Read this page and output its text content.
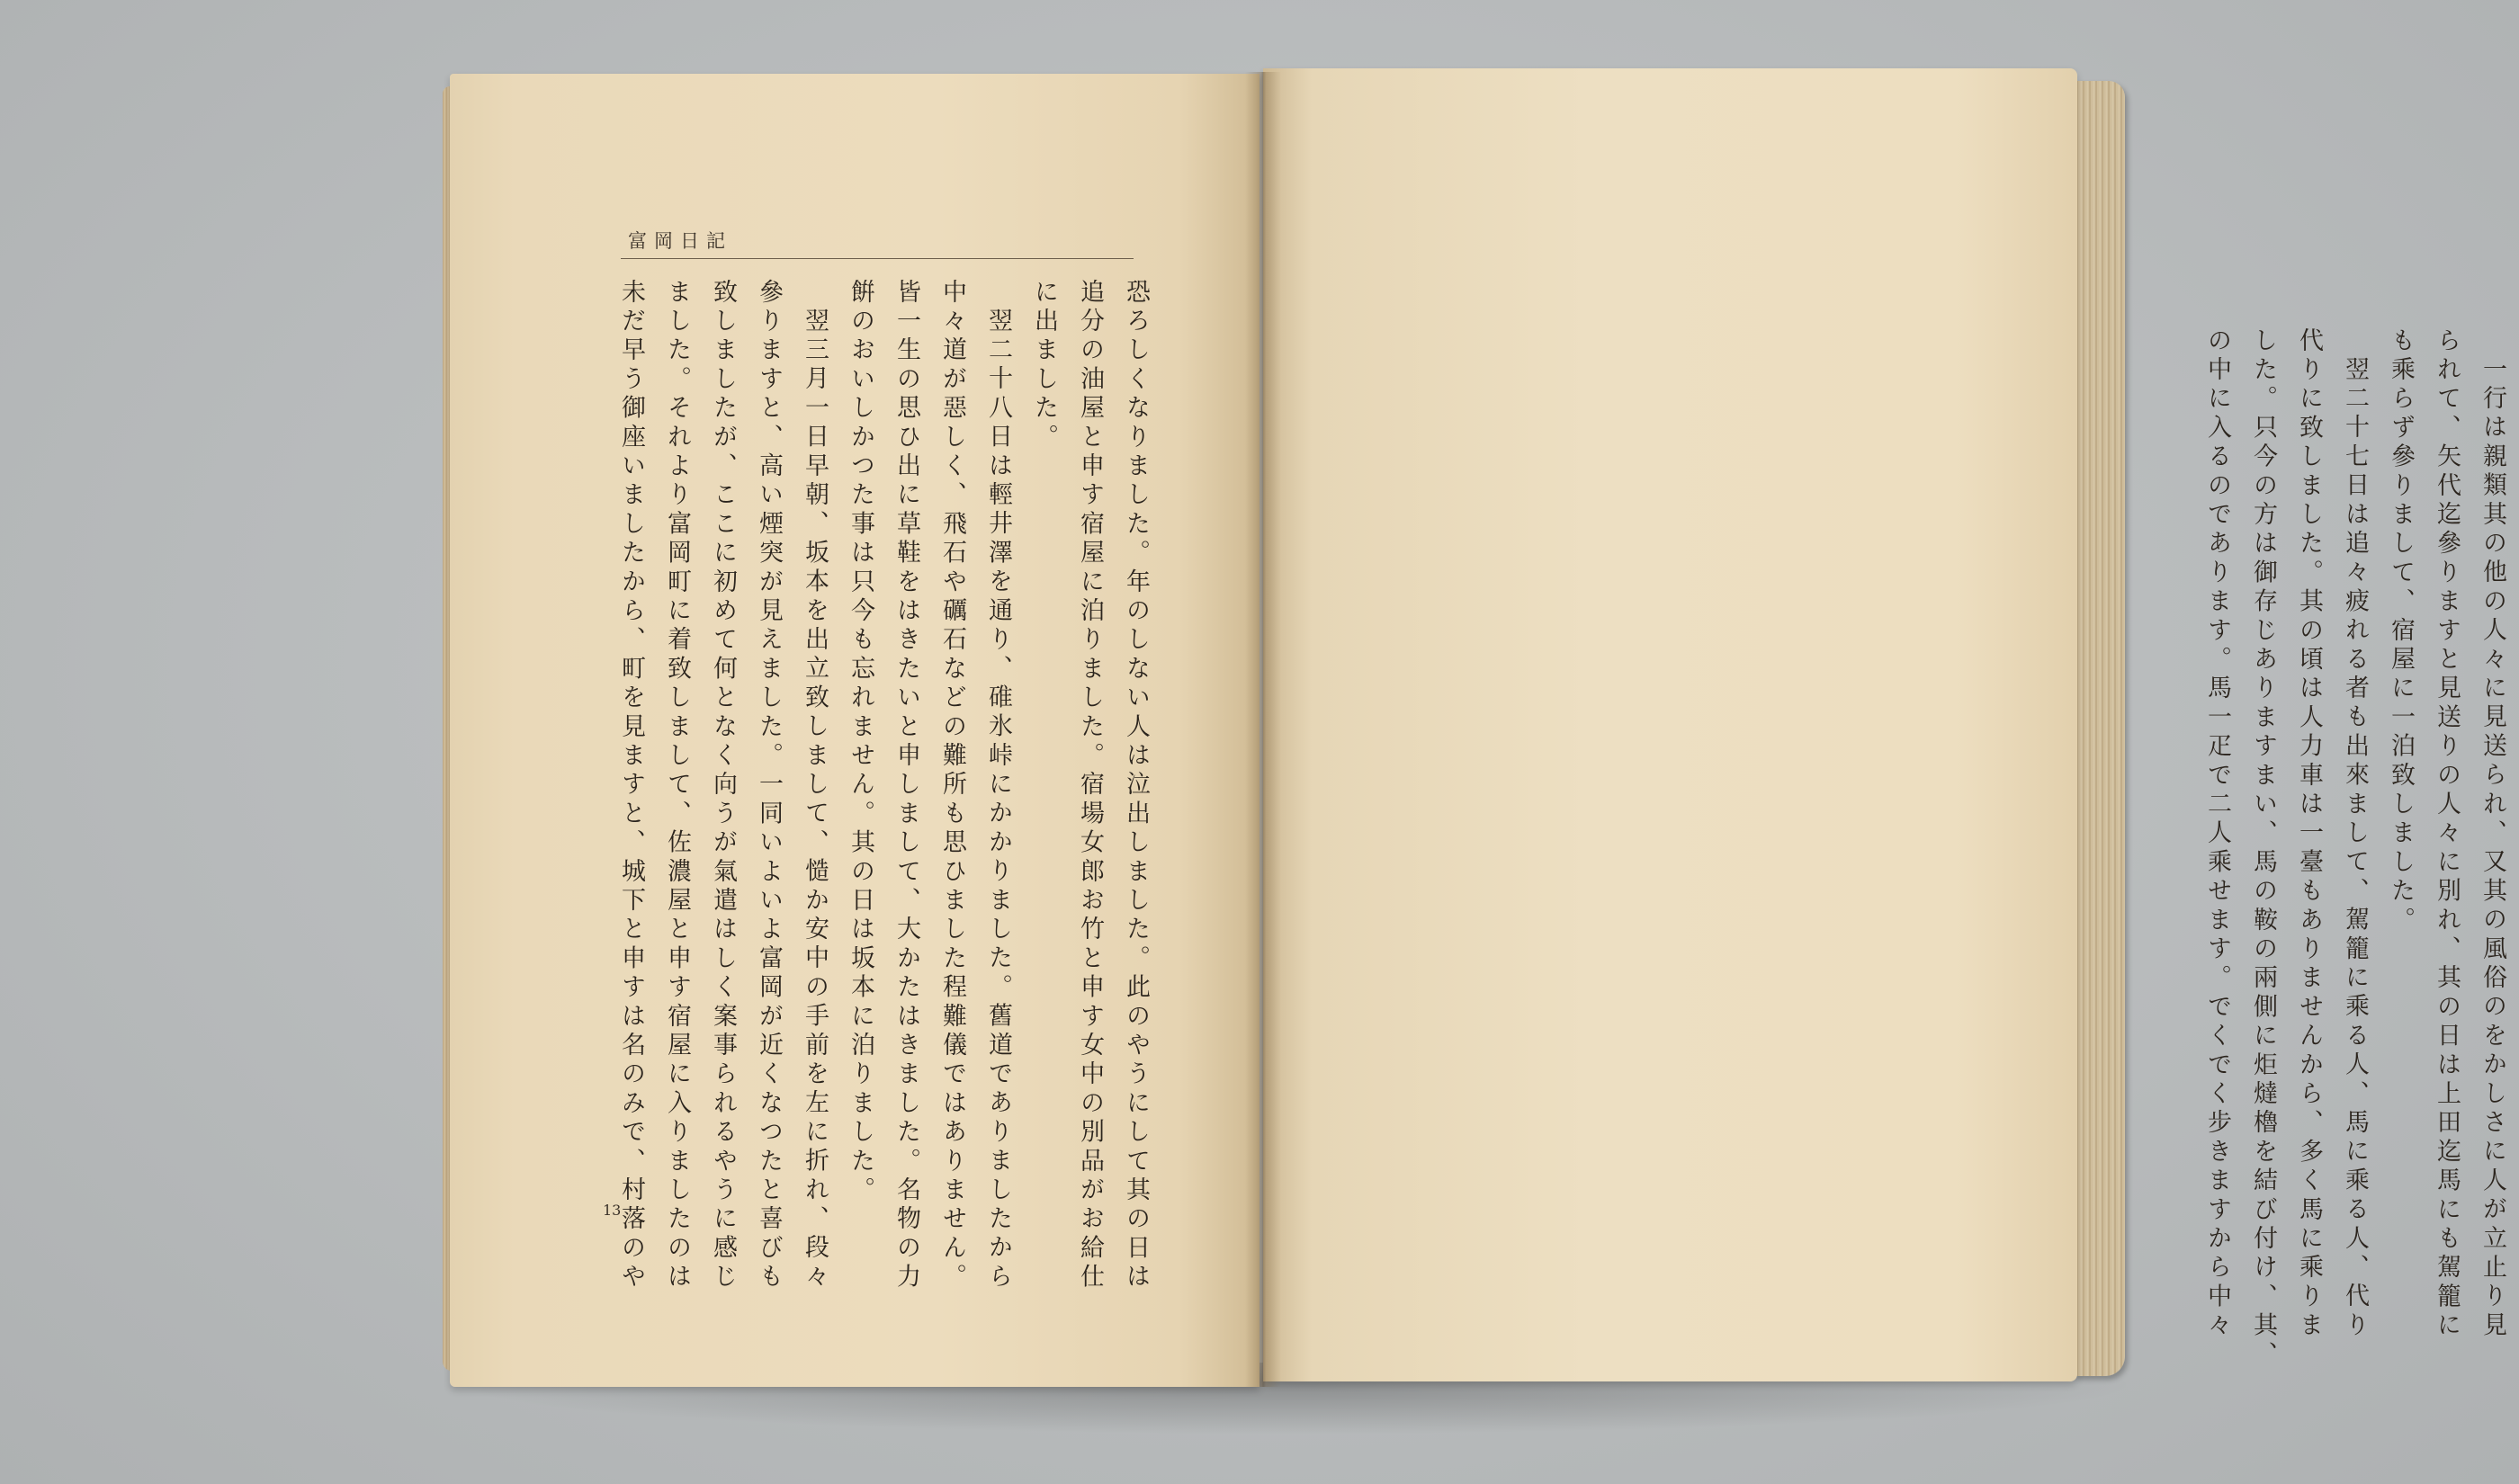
富岡日記
恐ろしくなりました。年のしない人は泣出しました。此のやうにして其の日は
追分の油屋と申す宿屋に泊りました。宿場女郎お竹と申す女中の別品がお給仕
に出ました。
翌二十八日は輕井澤を通り、碓氷峠にかかりました。舊道でありましたから
中々道が惡しく、飛石や礪石などの難所も思ひました程難儀ではありません。
皆一生の思ひ出に草鞋をはきたいと申しまして、大かたはきました。名物の力
餠のおいしかつた事は只今も忘れません。其の日は坂本に泊りました。
翌三月一日早朝、坂本を出立致しまして、慥か安中の手前を左に折れ、段々
參りますと、高い煙突が見えました。一同いよいよ富岡が近くなつたと喜びも
致しましたが、ここに初めて何となく向うが氣遣はしく案事られるやうに感じ
ました。それより富岡町に着致しまして、佐濃屋と申す宿屋に入りましたのは
未だ早う御座いましたから、町を見ますと、城下と申すは名のみで、村落のや
13	一行は親類其の他の人々に見送られ、又其の風俗のをかしさに人が立止り見
られて、矢代迄參りますと見送りの人々に別れ、其の日は上田迄馬にも駕籠に
も乘らず參りまして、宿屋に一泊致しました。
翌二十七日は追々疲れる者も出來まして、駕籠に乘る人、馬に乘る人、代り
代りに致しました。其の頃は人力車は一臺もありませんから、多く馬に乘りま
した。只今の方は御存じありますまい、馬の鞍の兩側に炬燵櫓を結び付け、其、
の中に入るのであります。馬一疋で二人乘せます。でくでく步きますから中々
